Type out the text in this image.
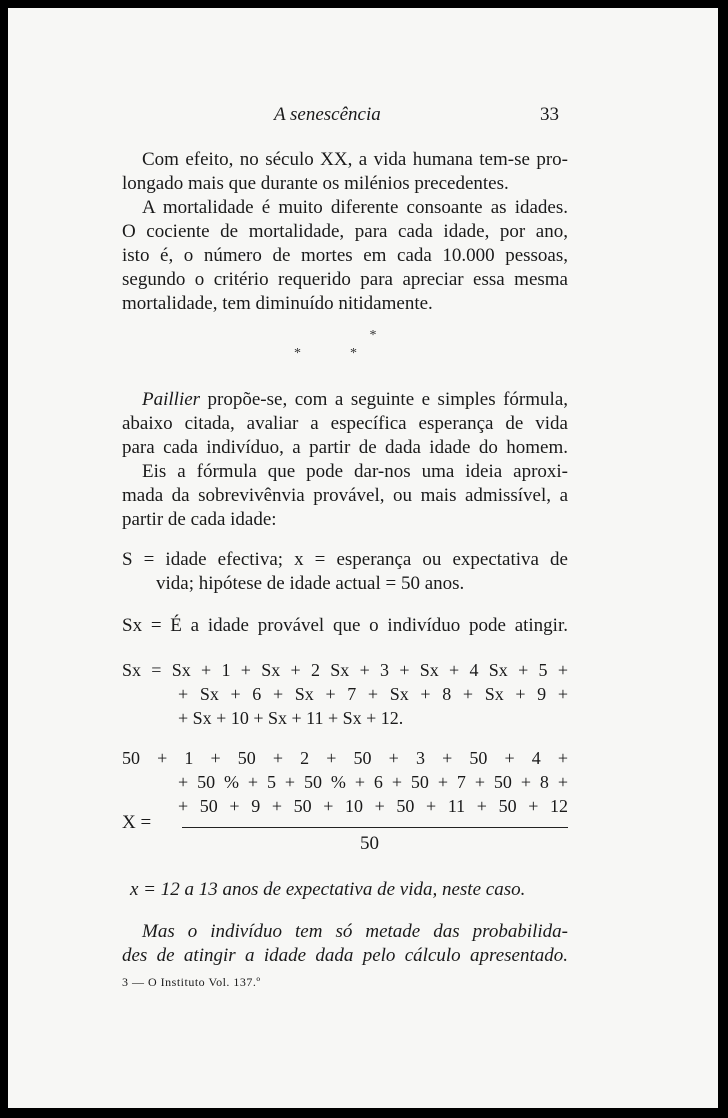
A senescência	33
Com efeito, no século XX, a vida humana tem-se pro-
longado mais que durante os milénios precedentes.
A mortalidade é muito diferente consoante as idades.
O cociente de mortalidade, para cada idade, por ano,
isto é, o número de mortes em cada 10.000 pessoas,
segundo o critério requerido para apreciar essa mesma
mortalidade, tem diminuído nitidamente.
*
*	*
Paillier propõe-se, com a seguinte e simples fórmula,
abaixo citada, avaliar a específica esperança de vida
para cada indivíduo, a partir de dada idade do homem.
Eis a fórmula que pode dar-nos uma ideia aproxi-
mada da sobrevivênvia provável, ou mais admissível, a
partir de cada idade:
S = idade efectiva; x = esperança ou expectativa de
vida; hipótese de idade actual = 50 anos.
Sx = É a idade provável que o indivíduo pode atingir.
Sx = Sx + 1 + Sx + 2 Sx + 3 + Sx + 4 Sx + 5 +
+ Sx + 6 + Sx + 7 + Sx + 8 + Sx + 9 +
+ Sx + 10 + Sx + 11 + Sx + 12.
50 + 1 + 50 + 2 + 50 + 3 + 50 + 4 +
+ 50 % + 5 + 50 % + 6 + 50 + 7 + 50 + 8 +
+ 50 + 9 + 50 + 10 + 50 + 11 + 50 + 12
X =
50
x = 12 a 13 anos de expectativa de vida, neste caso.
Mas o indivíduo tem só metade das probabilida-
des de atingir a idade dada pelo cálculo apresentado.
3 — O Instituto Vol. 137.º
